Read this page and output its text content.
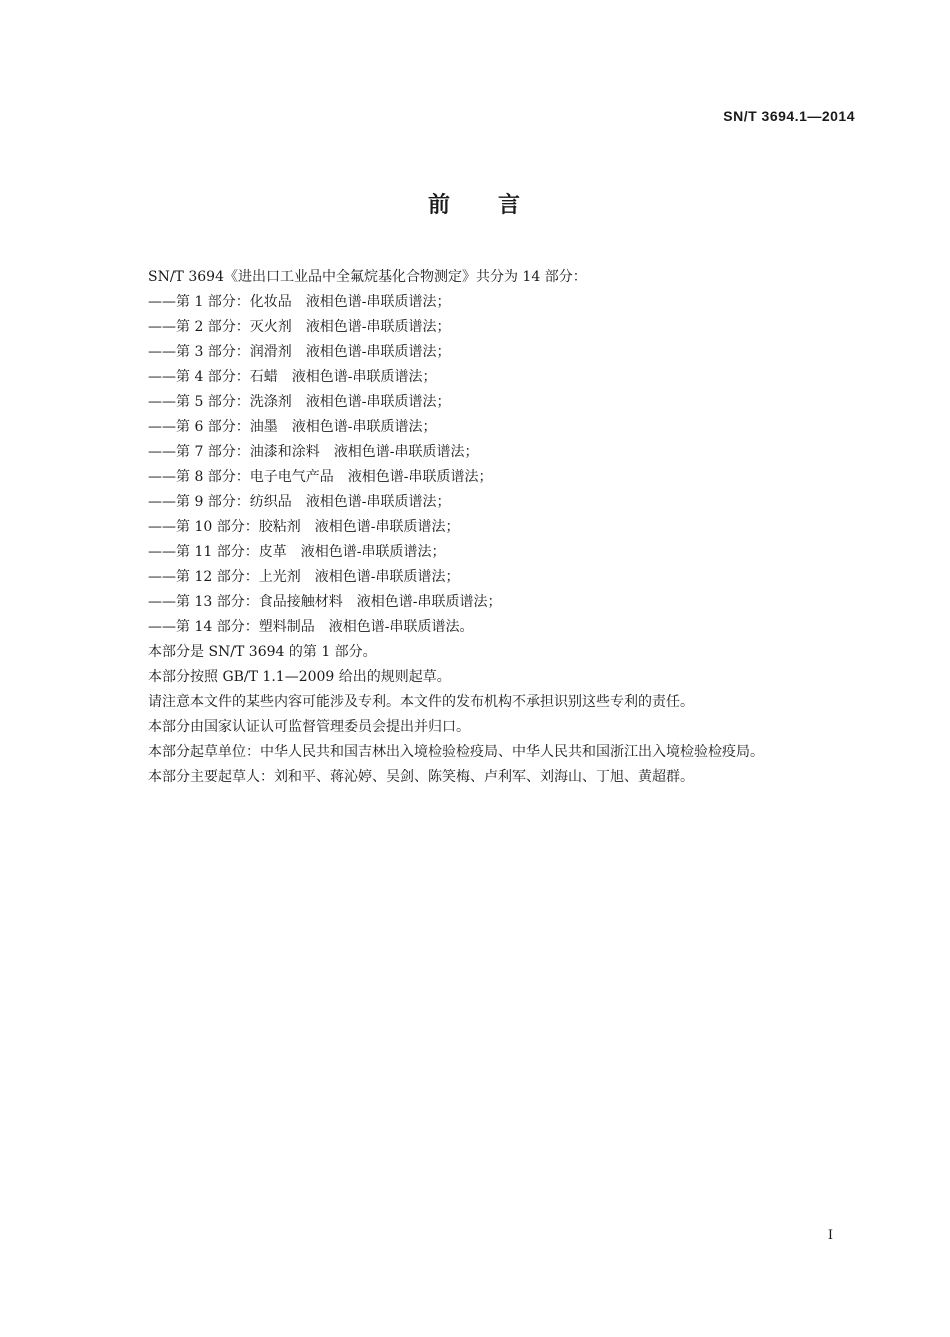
SN/T 3694.1—2014
前 言

SN/T 3694《进出口工业品中全氟烷基化合物测定》共分为 14 部分：

——第 1 部分：化妆品 液相色谱-串联质谱法；

——第 2 部分：灭火剂 液相色谱-串联质谱法；

——第 3 部分：润滑剂 液相色谱-串联质谱法；

——第 4 部分：石蜡 液相色谱-串联质谱法；

——第 5 部分：洗涤剂 液相色谱-串联质谱法；

——第 6 部分：油墨 液相色谱-串联质谱法；

——第 7 部分：油漆和涂料 液相色谱-串联质谱法；

——第 8 部分：电子电气产品 液相色谱-串联质谱法；

——第 9 部分：纺织品 液相色谱-串联质谱法；

——第 10 部分：胶粘剂 液相色谱-串联质谱法；

——第 11 部分：皮革 液相色谱-串联质谱法；

——第 12 部分：上光剂 液相色谱-串联质谱法；

——第 13 部分：食品接触材料 液相色谱-串联质谱法；

——第 14 部分：塑料制品 液相色谱-串联质谱法。

本部分是 SN/T 3694 的第 1 部分。

本部分按照 GB/T 1.1—2009 给出的规则起草。

请注意本文件的某些内容可能涉及专利。本文件的发布机构不承担识别这些专利的责任。

本部分由国家认证认可监督管理委员会提出并归口。

本部分起草单位：中华人民共和国吉林出入境检验检疫局、中华人民共和国浙江出入境检验检疫局。

本部分主要起草人：刘和平、蒋沁婷、吴剑、陈笑梅、卢利军、刘海山、丁旭、黄超群。

I
